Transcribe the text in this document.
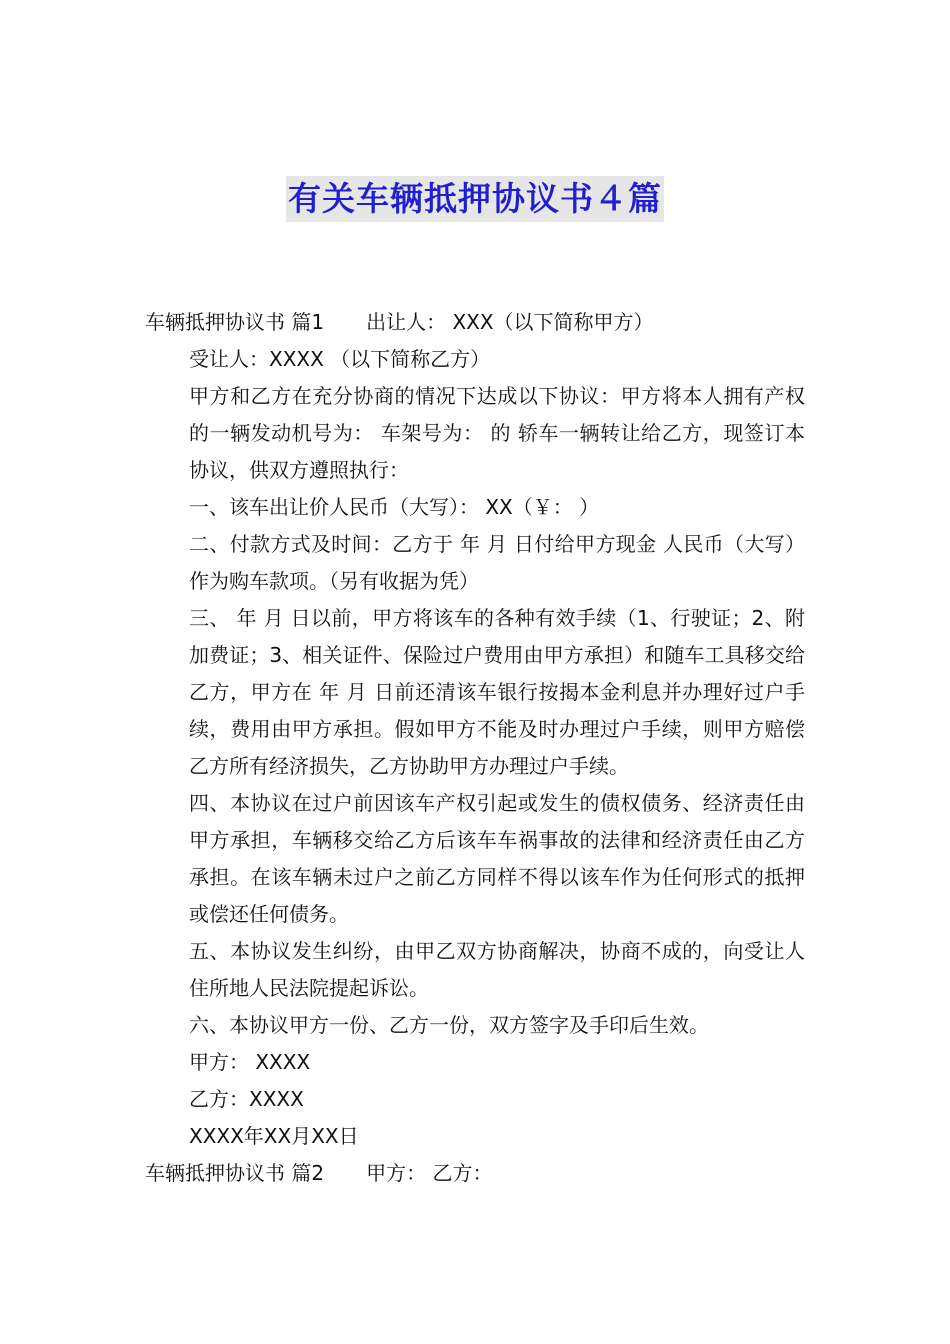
有关车辆抵押协议书４篇

车辆抵押协议书 篇1 出让人： XXX（以下简称甲方）

受让人：XXXX （以下简称乙方）

甲方和乙方在充分协商的情况下达成以下协议：甲方将本人拥有产权的一辆发动机号为： 车架号为： 的 轿车一辆转让给乙方，现签订本协议，供双方遵照执行：

一、该车出让价人民币（大写）： XX（￥： ）

二、付款方式及时间：乙方于 年 月 日付给甲方现金 人民币（大写） 作为购车款项。（另有收据为凭）

三、 年 月 日以前，甲方将该车的各种有效手续（1、行驶证；2、附加费证；3、相关证件、保险过户费用由甲方承担）和随车工具移交给乙方，甲方在 年 月 日前还清该车银行按揭本金利息并办理好过户手续，费用由甲方承担。假如甲方不能及时办理过户手续，则甲方赔偿乙方所有经济损失，乙方协助甲方办理过户手续。

四、本协议在过户前因该车产权引起或发生的债权债务、经济责任由甲方承担，车辆移交给乙方后该车车祸事故的法律和经济责任由乙方承担。在该车辆未过户之前乙方同样不得以该车作为任何形式的抵押或偿还任何债务。

五、本协议发生纠纷，由甲乙双方协商解决，协商不成的，向受让人住所地人民法院提起诉讼。

六、本协议甲方一份、乙方一份，双方签字及手印后生效。

甲方： XXXX

乙方：XXXX

XXXX年XX月XX日

车辆抵押协议书 篇2 甲方： 乙方：
